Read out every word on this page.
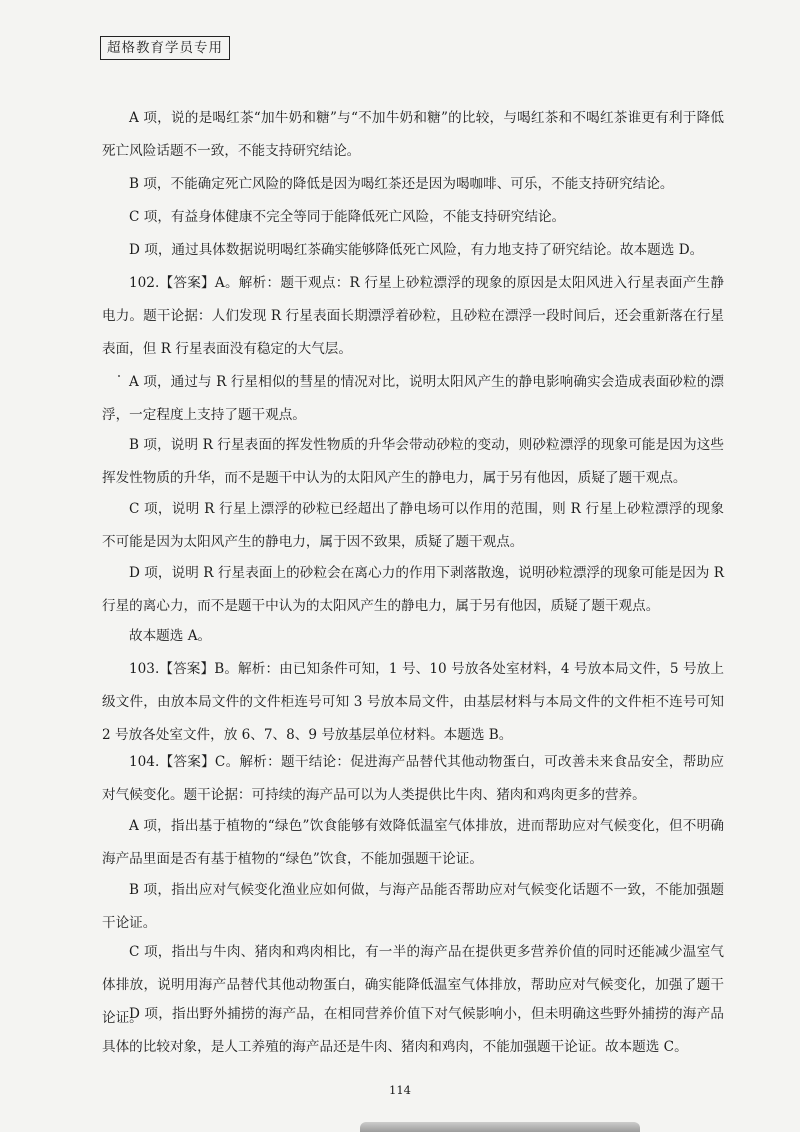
超格教育学员专用

A 项，说的是喝红茶“加牛奶和糖”与“不加牛奶和糖”的比较，与喝红茶和不喝红茶谁更有利于降低死亡风险话题不一致，不能支持研究结论。

B 项，不能确定死亡风险的降低是因为喝红茶还是因为喝咖啡、可乐，不能支持研究结论。

C 项，有益身体健康不完全等同于能降低死亡风险，不能支持研究结论。

D 项，通过具体数据说明喝红茶确实能够降低死亡风险，有力地支持了研究结论。故本题选 D。

102.【答案】A。解析：题干观点：R 行星上砂粒漂浮的现象的原因是太阳风进入行星表面产生静电力。题干论据：人们发现 R 行星表面长期漂浮着砂粒，且砂粒在漂浮一段时间后，还会重新落在行星表面，但 R 行星表面没有稳定的大气层。

A 项，通过与 R 行星相似的彗星的情况对比，说明太阳风产生的静电影响确实会造成表面砂粒的漂浮，一定程度上支持了题干观点。

B 项，说明 R 行星表面的挥发性物质的升华会带动砂粒的变动，则砂粒漂浮的现象可能是因为这些挥发性物质的升华，而不是题干中认为的太阳风产生的静电力，属于另有他因，质疑了题干观点。

C 项，说明 R 行星上漂浮的砂粒已经超出了静电场可以作用的范围，则 R 行星上砂粒漂浮的现象不可能是因为太阳风产生的静电力，属于因不致果，质疑了题干观点。

D 项，说明 R 行星表面上的砂粒会在离心力的作用下剥落散逸，说明砂粒漂浮的现象可能是因为 R 行星的离心力，而不是题干中认为的太阳风产生的静电力，属于另有他因，质疑了题干观点。

故本题选 A。

103.【答案】B。解析：由已知条件可知，1 号、10 号放各处室材料，4 号放本局文件，5 号放上级文件，由放本局文件的文件柜连号可知 3 号放本局文件，由基层材料与本局文件的文件柜不连号可知 2 号放各处室文件，放 6、7、8、9 号放基层单位材料。本题选 B。

104.【答案】C。解析：题干结论：促进海产品替代其他动物蛋白，可改善未来食品安全，帮助应对气候变化。题干论据：可持续的海产品可以为人类提供比牛肉、猪肉和鸡肉更多的营养。

A 项，指出基于植物的“绿色”饮食能够有效降低温室气体排放，进而帮助应对气候变化，但不明确海产品里面是否有基于植物的“绿色”饮食，不能加强题干论证。

B 项，指出应对气候变化渔业应如何做，与海产品能否帮助应对气候变化话题不一致，不能加强题干论证。

C 项，指出与牛肉、猪肉和鸡肉相比，有一半的海产品在提供更多营养价值的同时还能减少温室气体排放，说明用海产品替代其他动物蛋白，确实能降低温室气体排放，帮助应对气候变化，加强了题干论证。

D 项，指出野外捕捞的海产品，在相同营养价值下对气候影响小，但未明确这些野外捕捞的海产品具体的比较对象，是人工养殖的海产品还是牛肉、猪肉和鸡肉，不能加强题干论证。故本题选 C。

114
